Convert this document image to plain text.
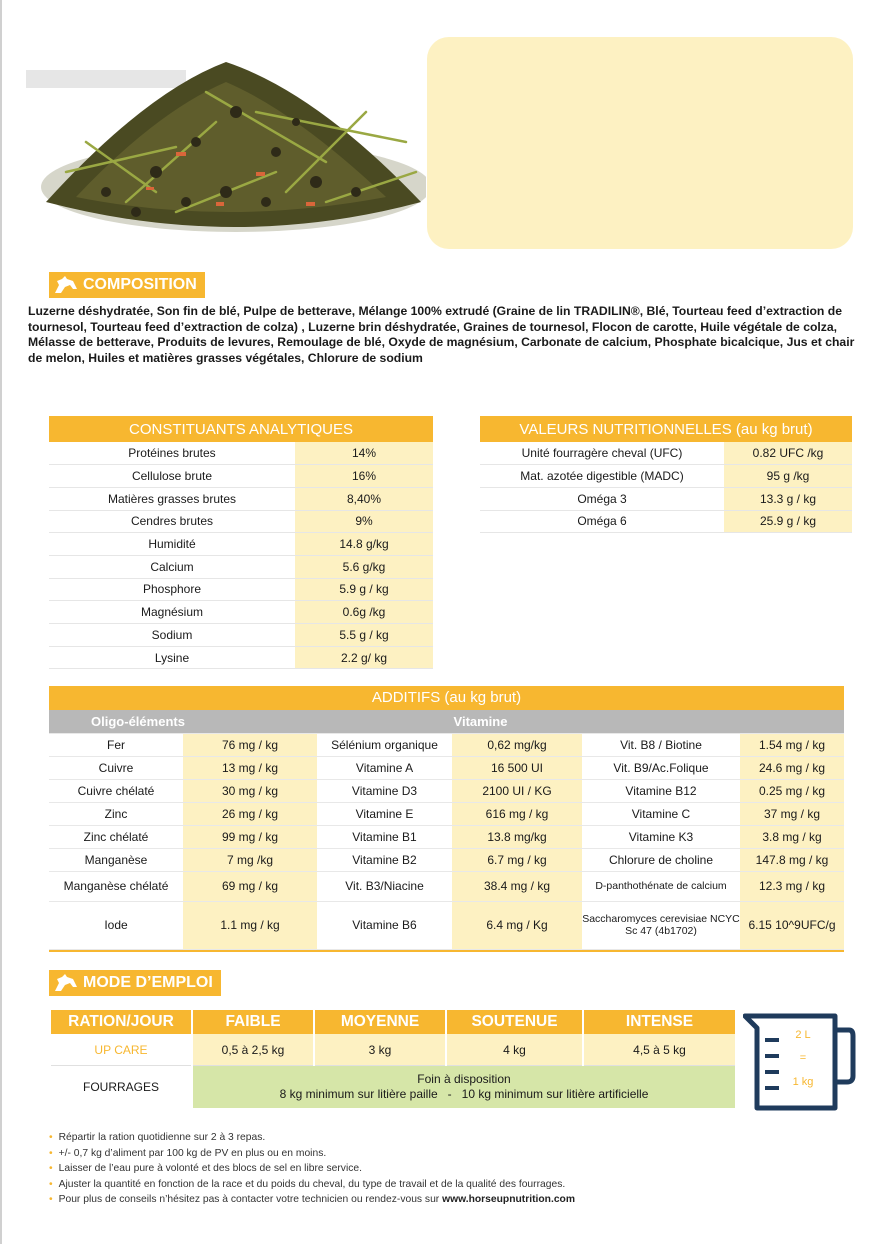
COMPOSITION

Luzerne déshydratée, Son fin de blé, Pulpe de betterave, Mélange 100% extrudé (Graine de lin TRADILIN®, Blé, Tourteau feed d’extraction de tournesol, Tourteau feed d’extraction de colza) , Luzerne brin déshydratée, Graines de tournesol, Flocon de carotte, Huile végétale de colza, Mélasse de betterave, Produits de levures, Remoulage de blé, Oxyde de magnésium, Carbonate de calcium, Phosphate bicalcique, Jus et chair de melon, Huiles et matières grasses végétales, Chlorure de sodium

CONSTITUANTS ANALYTIQUES	
Protéines brutes	14%
Cellulose brute	16%
Matières grasses brutes	8,40%
Cendres brutes	9%
Humidité	14.8 g/kg
Calcium	5.6 g/kg
Phosphore	5.9 g / kg
Magnésium	0.6g /kg
Sodium	5.5 g / kg
Lysine	2.2 g/ kg
VALEURS NUTRITIONNELLES (au kg brut)	
Unité fourragère cheval (UFC)	0.82 UFC /kg
Mat. azotée digestible (MADC)	95 g /kg
Oméga 3	13.3 g / kg
Oméga 6	25.9 g / kg
ADDITIFS (au kg brut)
Oligo-éléments		Vitamine			
Fer	76 mg / kg	Sélénium organique	0,62 mg/kg	Vit. B8 / Biotine	1.54 mg / kg
Cuivre	13 mg / kg	Vitamine A	16 500 UI	Vit. B9/Ac.Folique	24.6 mg / kg
Cuivre chélaté	30 mg / kg	Vitamine D3	2100 UI / KG	Vitamine B12	0.25 mg / kg
Zinc	26 mg / kg	Vitamine E	616 mg / kg	Vitamine C	37 mg / kg
Zinc chélaté	99 mg / kg	Vitamine B1	13.8 mg/kg	Vitamine K3	3.8 mg / kg
Manganèse	7 mg /kg	Vitamine B2	6.7 mg / kg	Chlorure de choline	147.8 mg / kg
Manganèse chélaté	69 mg / kg	Vit. B3/Niacine	38.4 mg / kg	D-panthothénate de calcium	12.3 mg / kg
Iode	1.1 mg / kg	Vitamine B6	6.4 mg / Kg	Saccharomyces cerevisiae NCYC Sc 47 (4b1702)	6.15 10^9UFC/g
MODE D’EMPLOI
RATION/JOUR	FAIBLE	MOYENNE	SOUTENUE	INTENSE
UP CARE	0,5 à 2,5 kg	3 kg	4 kg	4,5 à 5 kg
FOURRAGES	Foin à disposition
8 kg minimum sur litière paille   -   10 kg minimum sur litière artificielle			
2 L
=
1 kg
• Répartir la ration quotidienne sur 2 à 3 repas.
• +/- 0,7 kg d’aliment par 100 kg de PV en plus ou en moins.
• Laisser de l’eau pure à volonté et des blocs de sel en libre service.
• Ajuster la quantité en fonction de la race et du poids du cheval, du type de travail et de la qualité des fourrages.
• Pour plus de conseils n’hésitez pas à contacter votre technicien ou rendez-vous sur www.horseupnutrition.com
